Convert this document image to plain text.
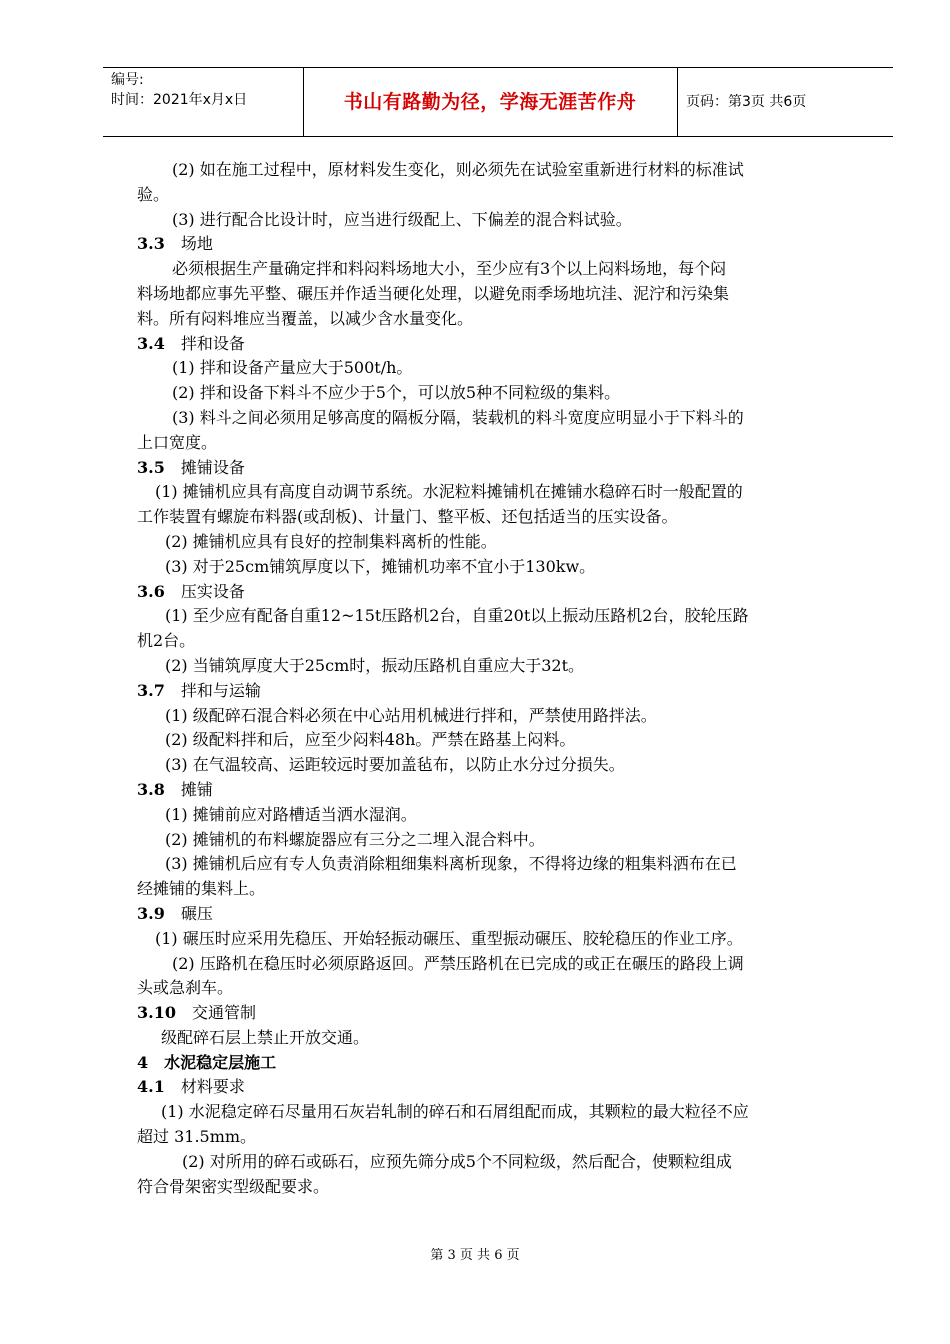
编号:
时间：2021年x月x日	书山有路勤为径，学海无涯苦作舟	页码：第3页 共6页

(2) 如在施工过程中，原材料发生变化，则必须先在试验室重新进行材料的标准试

验。

(3) 进行配合比设计时，应当进行级配上、下偏差的混合料试验。

3.3 场地

必须根据生产量确定拌和料闷料场地大小，至少应有3个以上闷料场地，每个闷

料场地都应事先平整、碾压并作适当硬化处理，以避免雨季场地坑洼、泥泞和污染集

料。所有闷料堆应当覆盖，以减少含水量变化。

3.4 拌和设备

(1) 拌和设备产量应大于500t/h。

(2) 拌和设备下料斗不应少于5个，可以放5种不同粒级的集料。

(3) 料斗之间必须用足够高度的隔板分隔，装载机的料斗宽度应明显小于下料斗的

上口宽度。

3.5 摊铺设备

(1) 摊铺机应具有高度自动调节系统。水泥粒料摊铺机在摊铺水稳碎石时一般配置的

工作装置有螺旋布料器(或刮板)、计量门、整平板、还包括适当的压实设备。

(2) 摊铺机应具有良好的控制集料离析的性能。

(3) 对于25cm铺筑厚度以下，摊铺机功率不宜小于130kw。

3.6 压实设备

(1) 至少应有配备自重12~15t压路机2台，自重20t以上振动压路机2台，胶轮压路

机2台。

(2) 当铺筑厚度大于25cm时，振动压路机自重应大于32t。

3.7 拌和与运输

(1) 级配碎石混合料必须在中心站用机械进行拌和，严禁使用路拌法。

(2) 级配料拌和后，应至少闷料48h。严禁在路基上闷料。

(3) 在气温较高、运距较远时要加盖毡布，以防止水分过分损失。

3.8 摊铺

(1) 摊铺前应对路槽适当洒水湿润。

(2) 摊铺机的布料螺旋器应有三分之二埋入混合料中。

(3) 摊铺机后应有专人负责消除粗细集料离析现象，不得将边缘的粗集料洒布在已

经摊铺的集料上。

3.9 碾压

(1) 碾压时应采用先稳压、开始轻振动碾压、重型振动碾压、胶轮稳压的作业工序。

(2) 压路机在稳压时必须原路返回。严禁压路机在已完成的或正在碾压的路段上调

头或急刹车。

3.10 交通管制

级配碎石层上禁止开放交通。

4 水泥稳定层施工

4.1 材料要求

(1) 水泥稳定碎石尽量用石灰岩轧制的碎石和石屑组配而成，其颗粒的最大粒径不应

超过 31.5mm。

(2) 对所用的碎石或砾石，应预先筛分成5个不同粒级，然后配合，使颗粒组成

符合骨架密实型级配要求。

第 3 页 共 6 页
